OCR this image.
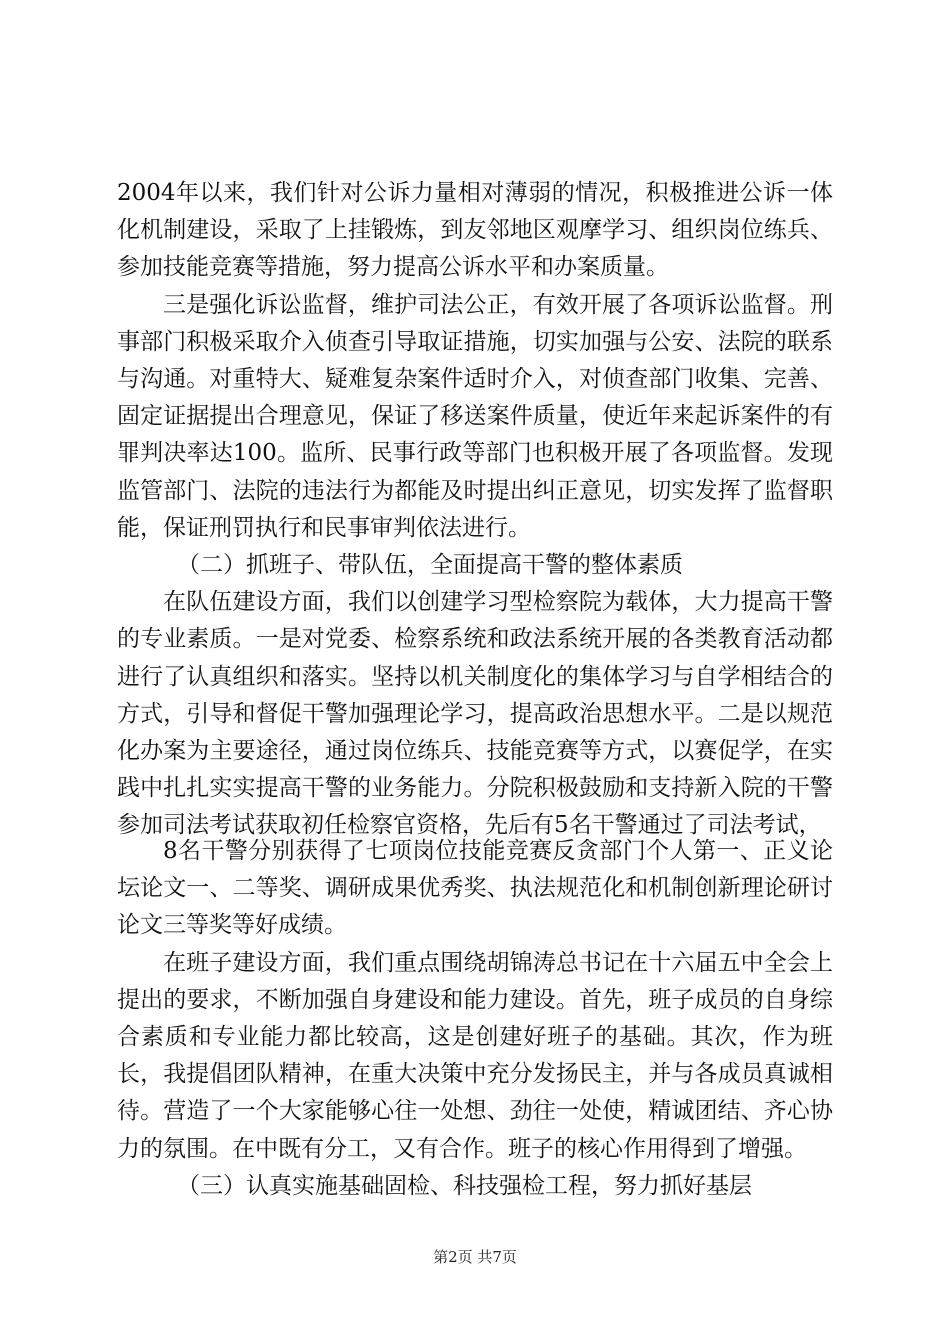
2004年以来，我们针对公诉力量相对薄弱的情况，积极推进公诉一体化机制建设，采取了上挂锻炼，到友邻地区观摩学习、组织岗位练兵、参加技能竞赛等措施，努力提高公诉水平和办案质量。

三是强化诉讼监督，维护司法公正，有效开展了各项诉讼监督。刑事部门积极采取介入侦查引导取证措施，切实加强与公安、法院的联系与沟通。对重特大、疑难复杂案件适时介入，对侦查部门收集、完善、固定证据提出合理意见，保证了移送案件质量，使近年来起诉案件的有罪判决率达100。监所、民事行政等部门也积极开展了各项监督。发现监管部门、法院的违法行为都能及时提出纠正意见，切实发挥了监督职能，保证刑罚执行和民事审判依法进行。

（二）抓班子、带队伍，全面提高干警的整体素质

在队伍建设方面，我们以创建学习型检察院为载体，大力提高干警的专业素质。一是对党委、检察系统和政法系统开展的各类教育活动都进行了认真组织和落实。坚持以机关制度化的集体学习与自学相结合的方式，引导和督促干警加强理论学习，提高政治思想水平。二是以规范化办案为主要途径，通过岗位练兵、技能竞赛等方式，以赛促学，在实践中扎扎实实提高干警的业务能力。分院积极鼓励和支持新入院的干警参加司法考试获取初任检察官资格，先后有5名干警通过了司法考试，

8名干警分别获得了七项岗位技能竞赛反贪部门个人第一、正义论坛论文一、二等奖、调研成果优秀奖、执法规范化和机制创新理论研讨论文三等奖等好成绩。

在班子建设方面，我们重点围绕胡锦涛总书记在十六届五中全会上提出的要求，不断加强自身建设和能力建设。首先，班子成员的自身综合素质和专业能力都比较高，这是创建好班子的基础。其次，作为班长，我提倡团队精神，在重大决策中充分发扬民主，并与各成员真诚相待。营造了一个大家能够心往一处想、劲往一处使，精诚团结、齐心协力的氛围。在中既有分工，又有合作。班子的核心作用得到了增强。

（三）认真实施基础固检、科技强检工程，努力抓好基层

第2页 共7页
